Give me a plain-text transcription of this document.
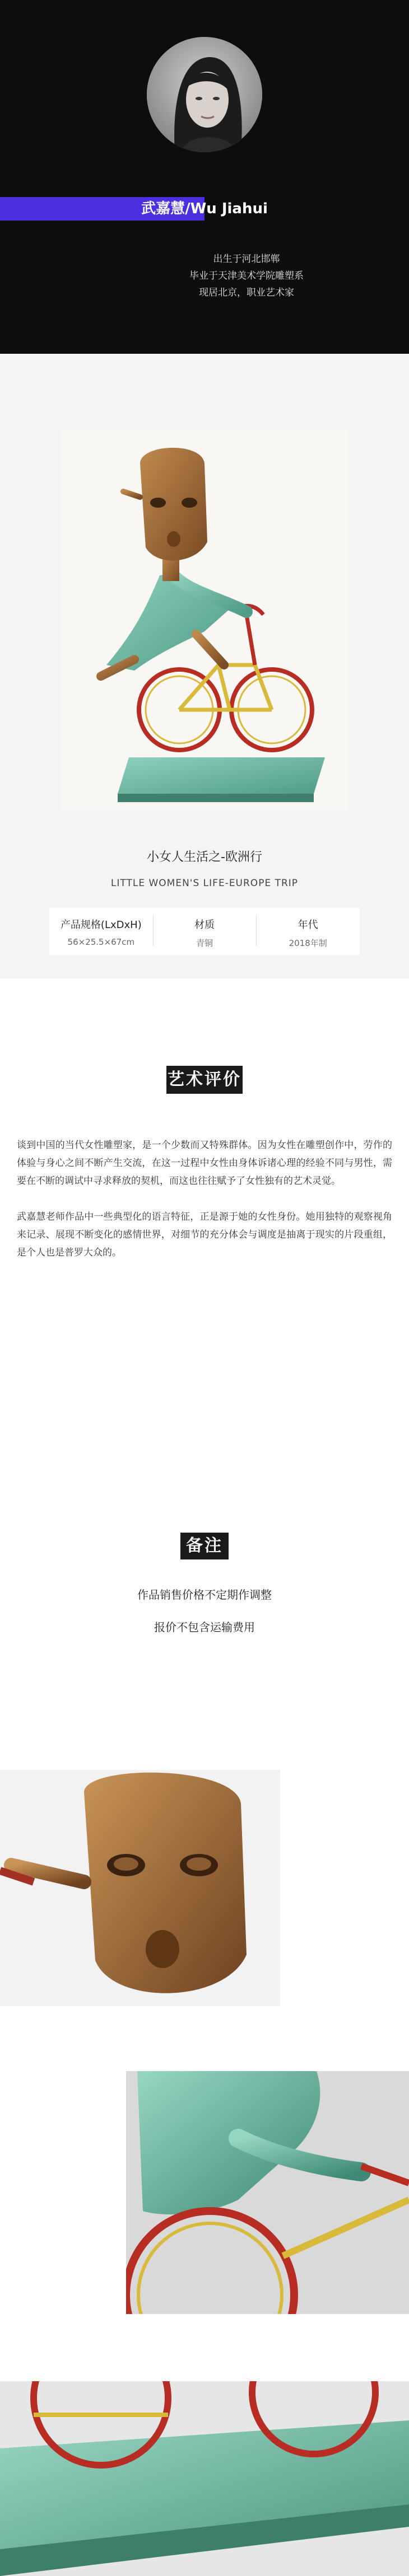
武嘉慧/Wu Jiahui
出生于河北邯郸
毕业于天津美术学院雕塑系
现居北京，职业艺术家
小女人生活之-欧洲行
LITTLE WOMEN'S LIFE-EUROPE TRIP
产品规格(LxDxH)
56×25.5×67cm
材质
青铜
年代
2018年制
艺术评价

谈到中国的当代女性雕塑家，是一个少数而又特殊群体。因为女性在雕塑创作中，劳作的体验与身心之间不断产生交流，在这一过程中女性由身体诉诸心理的经验不同与男性，需要在不断的调试中寻求释放的契机，而这也往往赋予了女性独有的艺术灵觉。

武嘉慧老师作品中一些典型化的语言特征，正是源于她的女性身份。她用独特的观察视角来记录、展现不断变化的感情世界，对细节的充分体会与调度是抽离于现实的片段重组，是个人也是普罗大众的。

备注
作品销售价格不定期作调整
报价不包含运输费用
